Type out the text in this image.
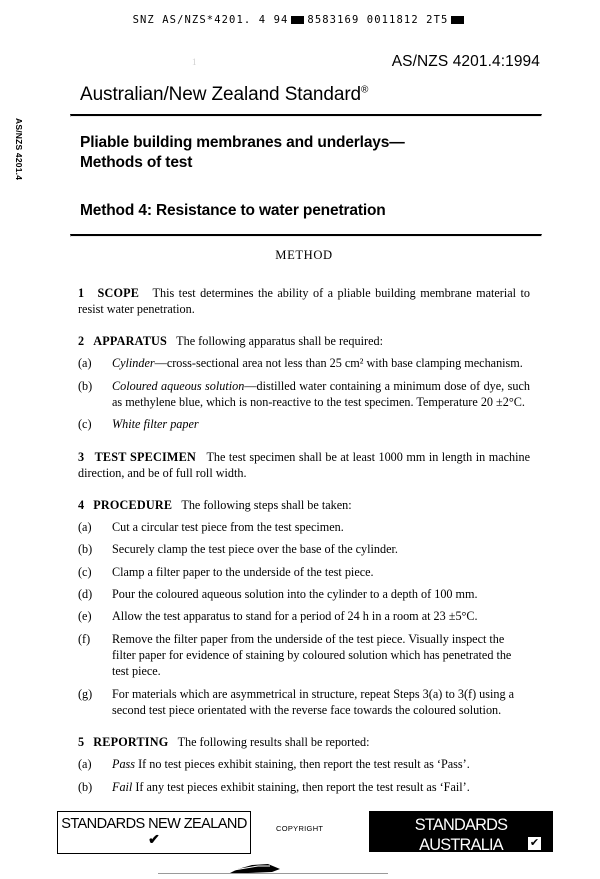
SNZ AS/NZS*4201. 4 94 8583169 0011812 2T5
AS/NZS 4201.4
1	AS/NZS 4201.4:1994
Australian/New Zealand Standard®

Pliable building membranes and underlays—
Methods of test

Method 4: Resistance to water penetration

METHOD

1 SCOPE This test determines the ability of a pliable building membrane material to resist water penetration.

2 APPARATUS The following apparatus shall be required:

(a)	Cylinder—cross-sectional area not less than 25 cm² with base clamping mechanism.
(b)	Coloured aqueous solution—distilled water containing a minimum dose of dye, such as methylene blue, which is non-reactive to the test specimen. Temperature 20 ±2°C.
(c)	White filter paper

3 TEST SPECIMEN The test specimen shall be at least 1000 mm in length in machine direction, and be of full roll width.

4 PROCEDURE The following steps shall be taken:

(a)	Cut a circular test piece from the test specimen.
(b)	Securely clamp the test piece over the base of the cylinder.
(c)	Clamp a filter paper to the underside of the test piece.
(d)	Pour the coloured aqueous solution into the cylinder to a depth of 100 mm.
(e)	Allow the test apparatus to stand for a period of 24 h in a room at 23 ±5°C.
(f)	Remove the filter paper from the underside of the test piece. Visually inspect the filter paper for evidence of staining by coloured solution which has penetrated the test piece.
(g)	For materials which are asymmetrical in structure, repeat Steps 3(a) to 3(f) using a second test piece orientated with the reverse face towards the coloured solution.

5 REPORTING The following results shall be reported:

(a)	Pass If no test pieces exhibit staining, then report the test result as ‘Pass’.
(b)	Fail If any test pieces exhibit staining, then report the test result as ‘Fail’.
STANDARDS NEW ZEALAND
✔
COPYRIGHT	STANDARDS AUSTRALIA	✔
